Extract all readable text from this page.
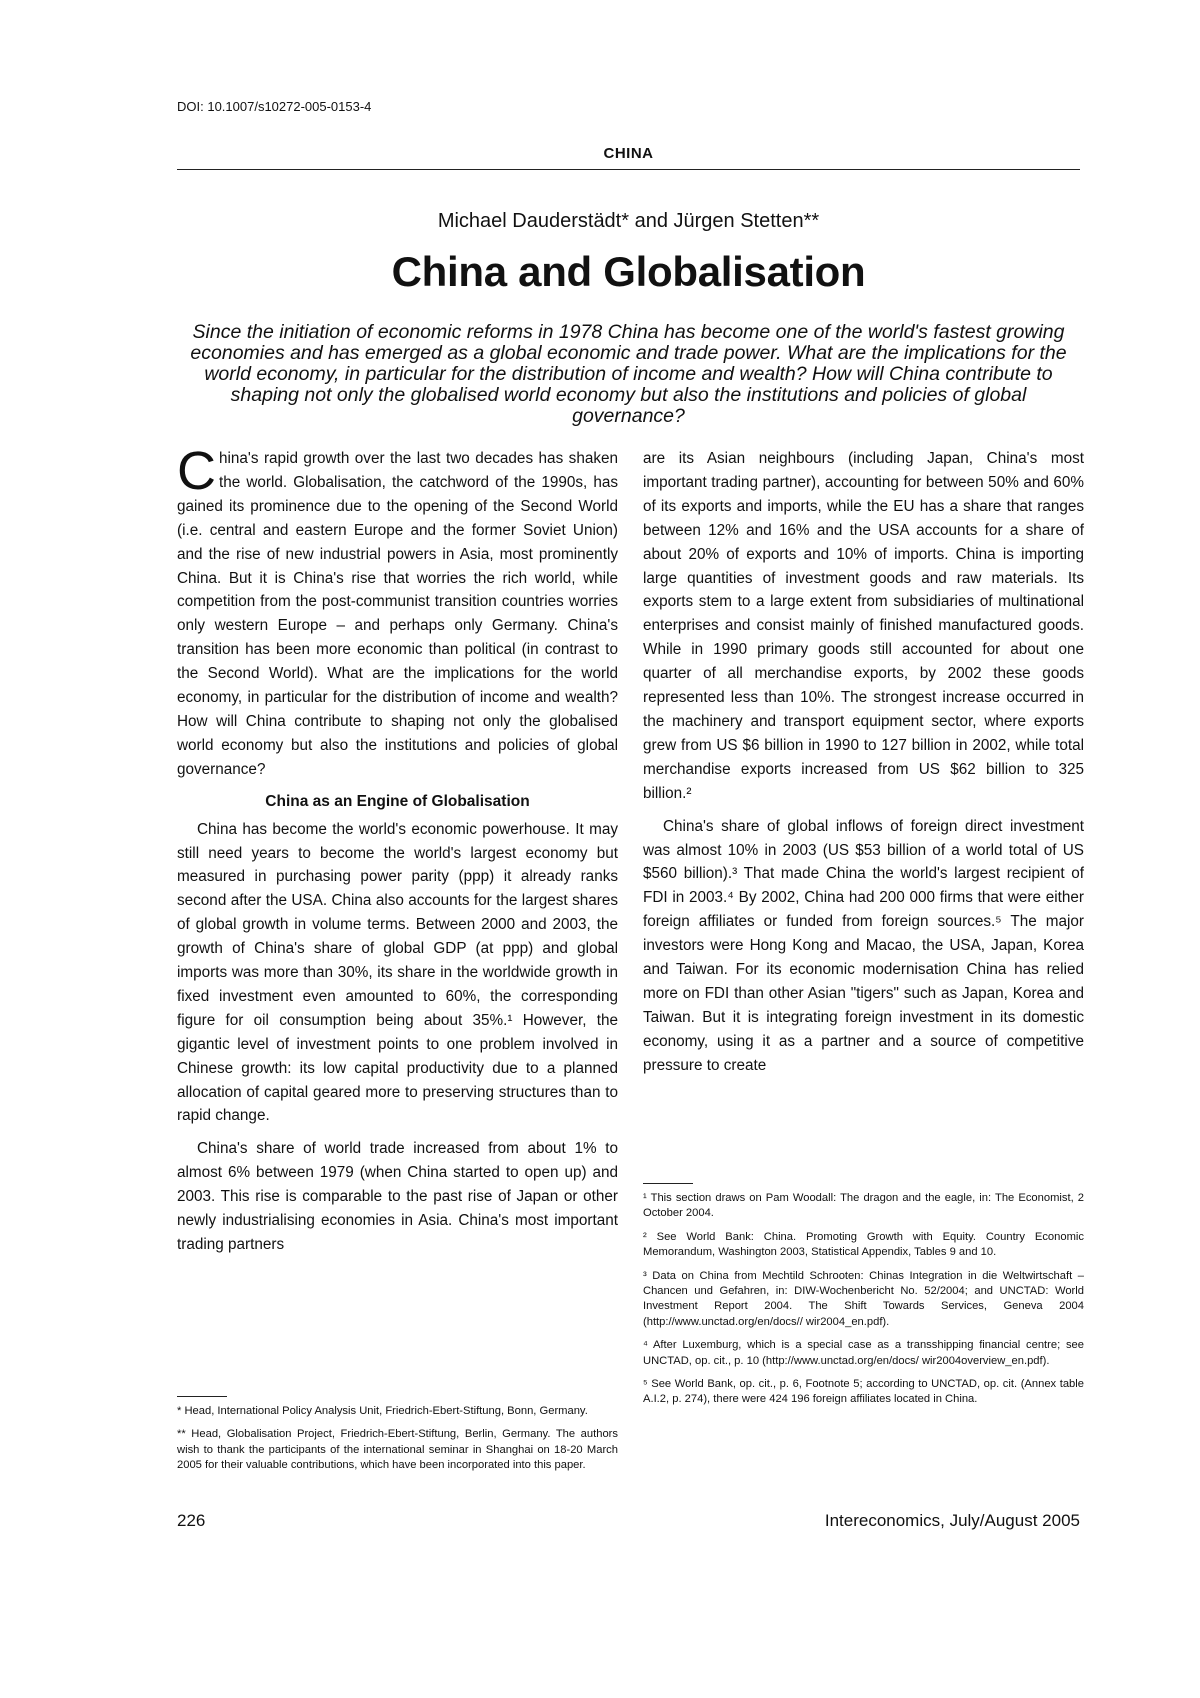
DOI: 10.1007/s10272-005-0153-4
CHINA
Michael Dauderstädt* and Jürgen Stetten**
China and Globalisation

Since the initiation of economic reforms in 1978 China has become one of the world's fastest growing economies and has emerged as a global economic and trade power. What are the implications for the world economy, in particular for the distribution of income and wealth? How will China contribute to shaping not only the globalised world economy but also the institutions and policies of global governance?

China's rapid growth over the last two decades has shaken the world. Globalisation, the catchword of the 1990s, has gained its prominence due to the opening of the Second World (i.e. central and eastern Europe and the former Soviet Union) and the rise of new industrial powers in Asia, most prominently China. But it is China's rise that worries the rich world, while competition from the post-communist transition countries worries only western Europe – and perhaps only Germany. China's transition has been more economic than political (in contrast to the Second World). What are the implications for the world economy, in particular for the distribution of income and wealth? How will China contribute to shaping not only the globalised world economy but also the institutions and policies of global governance?

China as an Engine of Globalisation

China has become the world's economic powerhouse. It may still need years to become the world's largest economy but measured in purchasing power parity (ppp) it already ranks second after the USA. China also accounts for the largest shares of global growth in volume terms. Between 2000 and 2003, the growth of China's share of global GDP (at ppp) and global imports was more than 30%, its share in the worldwide growth in fixed investment even amounted to 60%, the corresponding figure for oil consumption being about 35%.¹ However, the gigantic level of investment points to one problem involved in Chinese growth: its low capital productivity due to a planned allocation of capital geared more to preserving structures than to rapid change.

China's share of world trade increased from about 1% to almost 6% between 1979 (when China started to open up) and 2003. This rise is comparable to the past rise of Japan or other newly industrialising economies in Asia. China's most important trading partners

are its Asian neighbours (including Japan, China's most important trading partner), accounting for between 50% and 60% of its exports and imports, while the EU has a share that ranges between 12% and 16% and the USA accounts for a share of about 20% of exports and 10% of imports. China is importing large quantities of investment goods and raw materials. Its exports stem to a large extent from subsidiaries of multinational enterprises and consist mainly of finished manufactured goods. While in 1990 primary goods still accounted for about one quarter of all merchandise exports, by 2002 these goods represented less than 10%. The strongest increase occurred in the machinery and transport equipment sector, where exports grew from US $6 billion in 1990 to 127 billion in 2002, while total merchandise exports increased from US $62 billion to 325 billion.²

China's share of global inflows of foreign direct investment was almost 10% in 2003 (US $53 billion of a world total of US $560 billion).³ That made China the world's largest recipient of FDI in 2003.⁴ By 2002, China had 200 000 firms that were either foreign affiliates or funded from foreign sources.⁵ The major investors were Hong Kong and Macao, the USA, Japan, Korea and Taiwan. For its economic modernisation China has relied more on FDI than other Asian "tigers" such as Japan, Korea and Taiwan. But it is integrating foreign investment in its domestic economy, using it as a partner and a source of competitive pressure to create

* Head, International Policy Analysis Unit, Friedrich-Ebert-Stiftung, Bonn, Germany.

** Head, Globalisation Project, Friedrich-Ebert-Stiftung, Berlin, Germany. The authors wish to thank the participants of the international seminar in Shanghai on 18-20 March 2005 for their valuable contributions, which have been incorporated into this paper.

¹ This section draws on Pam Woodall: The dragon and the eagle, in: The Economist, 2 October 2004.

² See World Bank: China. Promoting Growth with Equity. Country Economic Memorandum, Washington 2003, Statistical Appendix, Tables 9 and 10.

³ Data on China from Mechtild Schrooten: Chinas Integration in die Weltwirtschaft – Chancen und Gefahren, in: DIW-Wochenbericht No. 52/2004; and UNCTAD: World Investment Report 2004. The Shift Towards Services, Geneva 2004 (http://www.unctad.org/en/docs// wir2004_en.pdf).

⁴ After Luxemburg, which is a special case as a transshipping financial centre; see UNCTAD, op. cit., p. 10 (http://www.unctad.org/en/docs/ wir2004overview_en.pdf).

⁵ See World Bank, op. cit., p. 6, Footnote 5; according to UNCTAD, op. cit. (Annex table A.I.2, p. 274), there were 424 196 foreign affiliates located in China.

226	Intereconomics, July/August 2005
